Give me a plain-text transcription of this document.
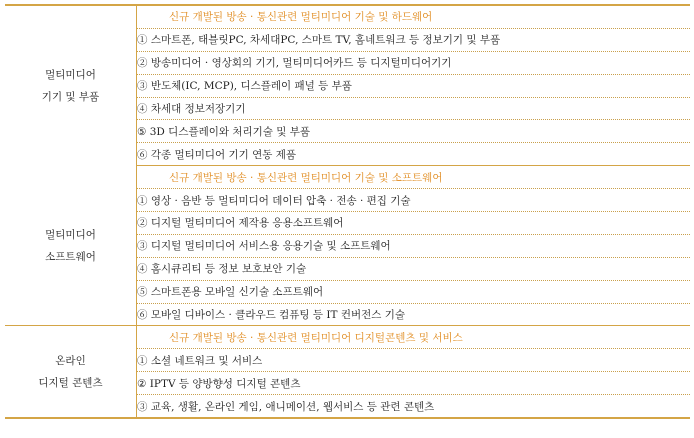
멀티미디어
기기 및 부품	신규 개발된 방송 · 통신관련 멀티미디어 기술 및 하드웨어
	① 스마트폰, 태블릿PC, 차세대PC, 스마트 TV, 홈네트워크 등 정보기기 및 부품
	② 방송미디어 · 영상회의 기기, 멀티미디어카드 등 디지털미디어기기
	③ 반도체(IC, MCP), 디스플레이 패널 등 부품
	④ 차세대 정보저장기기
	⑤ 3D 디스플레이와 처리기술 및 부품
	⑥ 각종 멀티미디어 기기 연동 제품
멀티미디어
소프트웨어	신규 개발된 방송 · 통신관련 멀티미디어 기술 및 소프트웨어
	① 영상 · 음반 등 멀티미디어 데이터 압축 · 전송 · 편집 기술
	② 디지털 멀티미디어 제작용 응용소프트웨어
	③ 디지털 멀티미디어 서비스용 응용기술 및 소프트웨어
	④ 홈시큐리티 등 정보 보호보안 기술
	⑤ 스마트폰용 모바일 신기술 소프트웨어
	⑥ 모바일 디바이스 · 클라우드 컴퓨팅 등 IT 컨버전스 기술
온라인
디지털 콘텐츠	신규 개발된 방송 · 통신관련 멀티미디어 디지털콘텐츠 및 서비스
	① 소셜 네트워크 및 서비스
	② IPTV 등 양방향성 디지털 콘텐츠
	③ 교육, 생활, 온라인 게임, 애니메이션, 웹서비스 등 관련 콘텐츠
